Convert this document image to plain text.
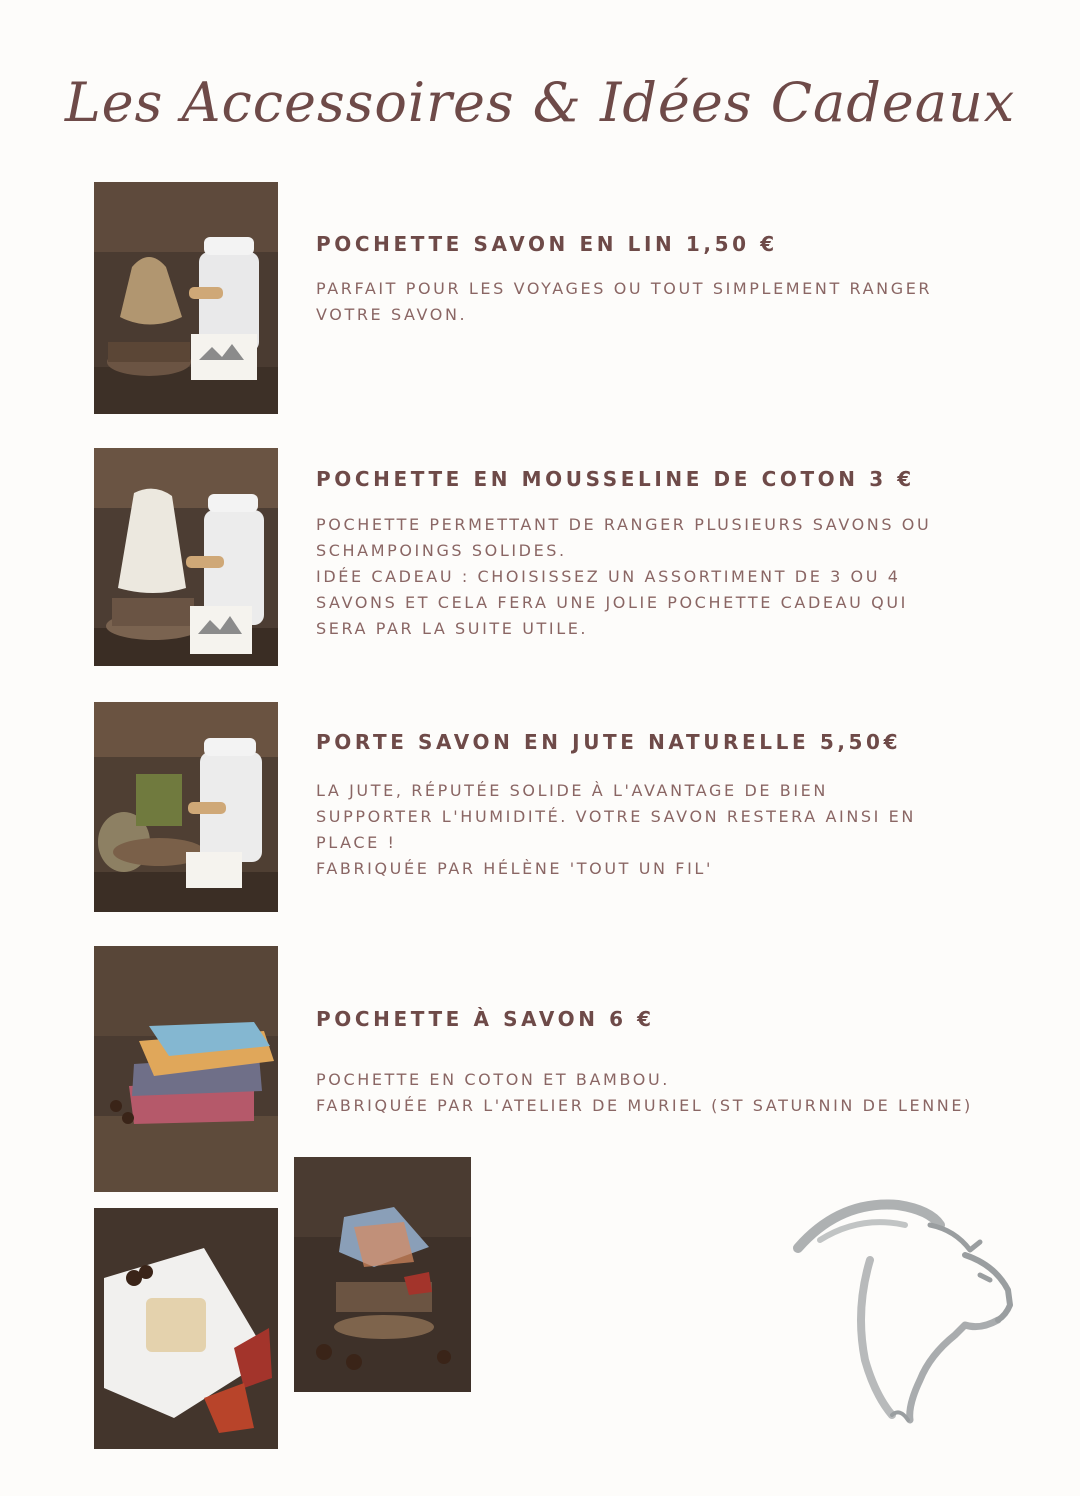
Les Accessoires & Idées Cadeaux
POCHETTE SAVON EN LIN 1,50 €

PARFAIT POUR LES VOYAGES OU TOUT SIMPLEMENT RANGER

VOTRE SAVON.

POCHETTE EN MOUSSELINE DE COTON 3 €

POCHETTE PERMETTANT DE RANGER PLUSIEURS SAVONS OU

SCHAMPOINGS SOLIDES.

IDÉE CADEAU : CHOISISSEZ UN ASSORTIMENT DE 3 OU 4

SAVONS ET CELA FERA UNE JOLIE POCHETTE CADEAU QUI

SERA PAR LA SUITE UTILE.

PORTE SAVON EN JUTE NATURELLE 5,50€

LA JUTE, RÉPUTÉE SOLIDE À L'AVANTAGE DE BIEN

SUPPORTER L'HUMIDITÉ. VOTRE SAVON RESTERA AINSI EN

PLACE !

FABRIQUÉE PAR HÉLÈNE 'TOUT UN FIL'

POCHETTE À SAVON 6 €

POCHETTE EN COTON ET BAMBOU.

FABRIQUÉE PAR L'ATELIER DE MURIEL (ST SATURNIN DE LENNE)
